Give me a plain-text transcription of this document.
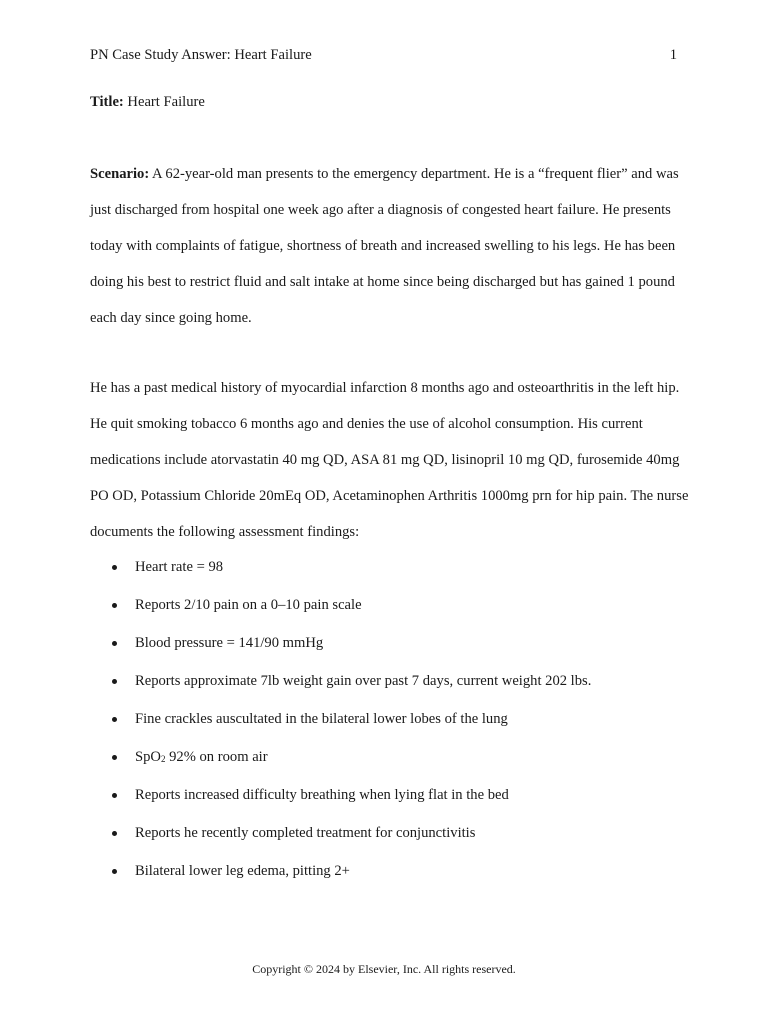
PN Case Study Answer: Heart Failure	1
Title: Heart Failure

Scenario: A 62-year-old man presents to the emergency department. He is a “frequent flier” and was just discharged from hospital one week ago after a diagnosis of congested heart failure. He presents today with complaints of fatigue, shortness of breath and increased swelling to his legs. He has been doing his best to restrict fluid and salt intake at home since being discharged but has gained 1 pound each day since going home.

He has a past medical history of myocardial infarction 8 months ago and osteoarthritis in the left hip. He quit smoking tobacco 6 months ago and denies the use of alcohol consumption. His current medications include atorvastatin 40 mg QD, ASA 81 mg QD, lisinopril 10 mg QD, furosemide 40mg PO OD, Potassium Chloride 20mEq OD, Acetaminophen Arthritis 1000mg prn for hip pain. The nurse documents the following assessment findings:

Heart rate = 98
Reports 2/10 pain on a 0–10 pain scale
Blood pressure = 141/90 mmHg
Reports approximate 7lb weight gain over past 7 days, current weight 202 lbs.
Fine crackles auscultated in the bilateral lower lobes of the lung
SpO$_2$ 92% on room air
Reports increased difficulty breathing when lying flat in the bed
Reports he recently completed treatment for conjunctivitis
Bilateral lower leg edema, pitting 2+
Copyright © 2024 by Elsevier, Inc. All rights reserved.
